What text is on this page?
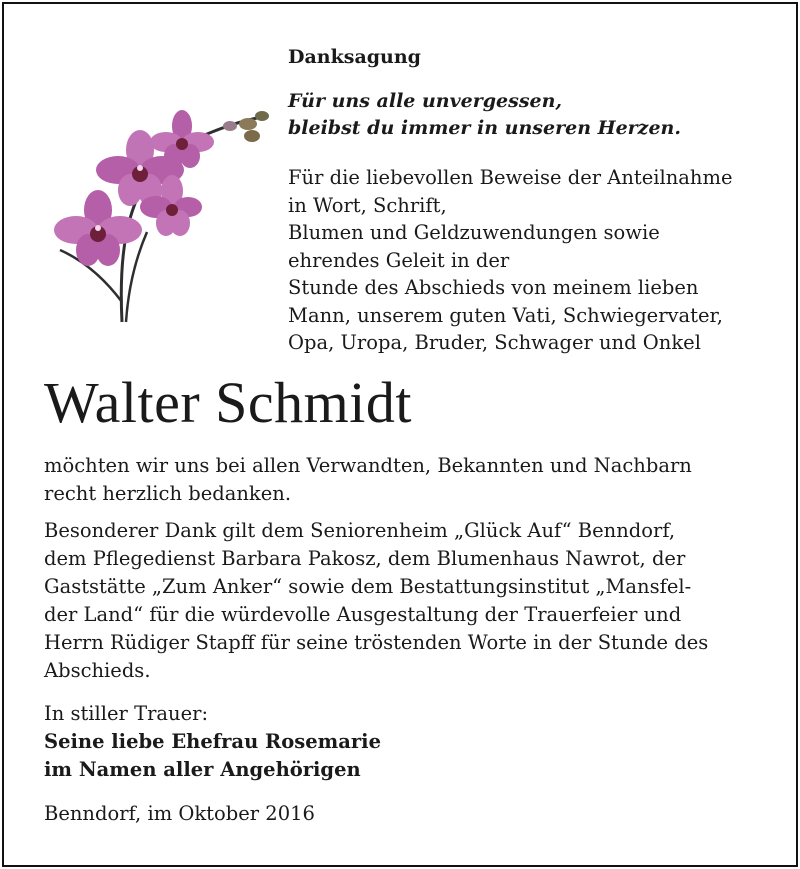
Danksagung
Für uns alle unvergessen,
bleibst du immer in unseren Herzen.
Für die liebevollen Beweise der Anteilnahme
in Wort, Schrift,
Blumen und Geldzuwendungen sowie
ehrendes Geleit in der
Stunde des Abschieds von meinem lieben
Mann, unserem guten Vati, Schwiegervater,
Opa, Uropa, Bruder, Schwager und Onkel
Walter Schmidt
möchten wir uns bei allen Verwandten, Bekannten und Nachbarn
recht herzlich bedanken.
Besonderer Dank gilt dem Seniorenheim „Glück Auf“ Benndorf,
dem Pflegedienst Barbara Pakosz, dem Blumenhaus Nawrot, der
Gaststätte „Zum Anker“ sowie dem Bestattungsinstitut „Mansfel-
der Land“ für die würdevolle Ausgestaltung der Trauerfeier und
Herrn Rüdiger Stapff für seine tröstenden Worte in der Stunde des
Abschieds.
In stiller Trauer:
Seine liebe Ehefrau Rosemarie
im Namen aller Angehörigen
Benndorf, im Oktober 2016
